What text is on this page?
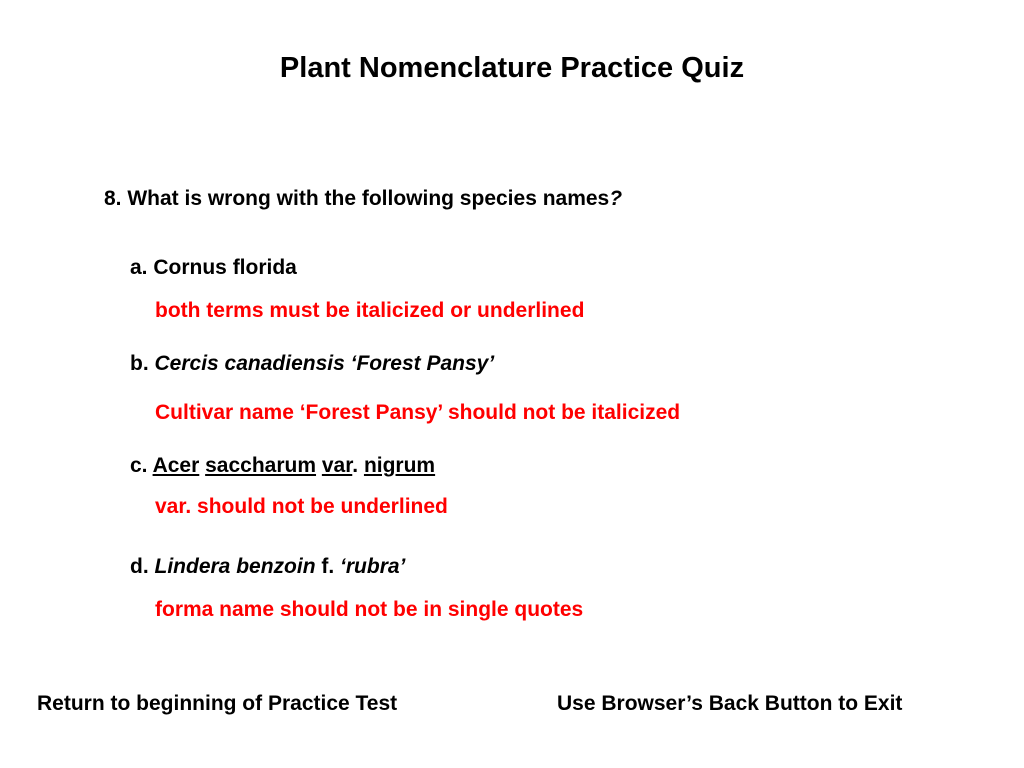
Plant Nomenclature Practice Quiz
8. What is wrong with the following species names?
a. Cornus florida
both terms must be italicized or underlined
b. Cercis canadiensis ‘Forest Pansy’
Cultivar name ‘Forest Pansy’ should not be italicized
c. Acer saccharum var. nigrum
var. should not be underlined
d. Lindera benzoin f. ‘rubra’
forma name should not be in single quotes
Return to beginning of Practice Test	Use Browser’s Back Button to Exit
